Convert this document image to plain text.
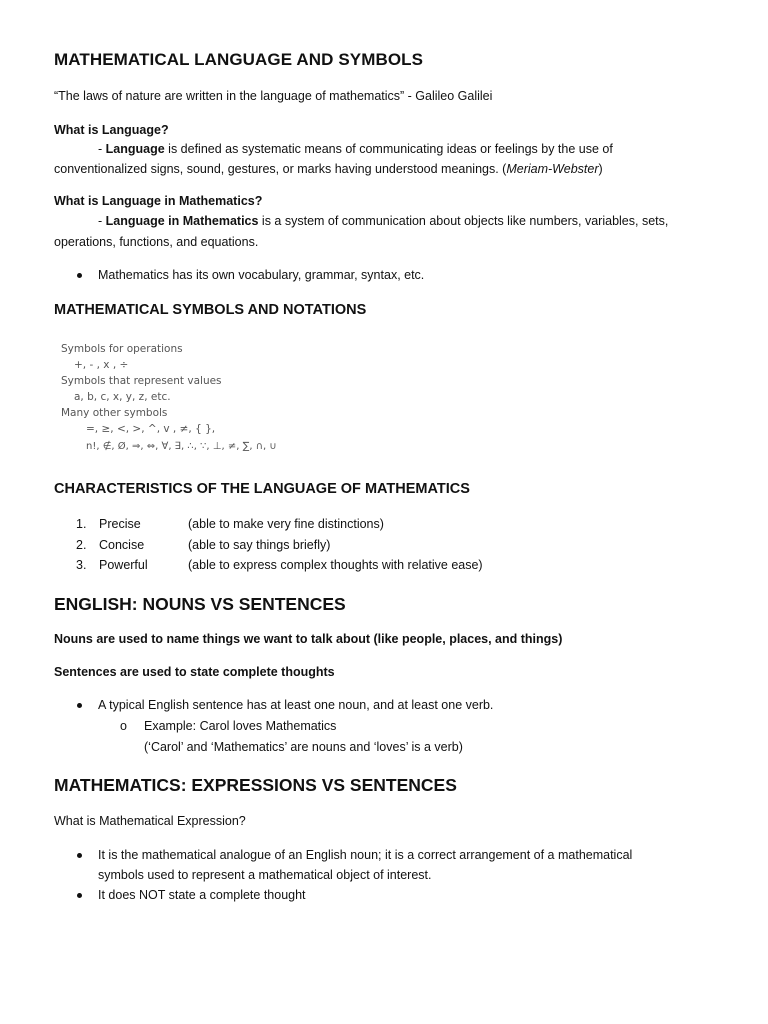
MATHEMATICAL LANGUAGE AND SYMBOLS
“The laws of nature are written in the language of mathematics” - Galileo Galilei
What is Language?
- Language is defined as systematic means of communicating ideas or feelings by the use of
conventionalized signs, sound, gestures, or marks having understood meanings. (Meriam-Webster)
What is Language in Mathematics?
- Language in Mathematics is a system of communication about objects like numbers, variables, sets,
operations, functions, and equations.
Mathematics has its own vocabulary, grammar, syntax, etc.
MATHEMATICAL SYMBOLS AND NOTATIONS
Symbols for operations
+, - , x , ÷
Symbols that represent values
a, b, c, x, y, z, etc.
Many other symbols
=, ≥, <, >, ^, v , ≠, { },
n!, ∉, Ø, ⇒, ⇔, ∀, ∃, ∴, ∵, ⊥, ≠, ∑, ∩, ∪
CHARACTERISTICS OF THE LANGUAGE OF MATHEMATICS
1. Precise	(able to make very fine distinctions)
2. Concise	(able to say things briefly)
3. Powerful	(able to express complex thoughts with relative ease)
ENGLISH: NOUNS VS SENTENCES
Nouns are used to name things we want to talk about (like people, places, and things)
Sentences are used to state complete thoughts
A typical English sentence has at least one noun, and at least one verb.
o Example: Carol loves Mathematics
(‘Carol’ and ‘Mathematics’ are nouns and ‘loves’ is a verb)
MATHEMATICS: EXPRESSIONS VS SENTENCES
What is Mathematical Expression?
It is the mathematical analogue of an English noun; it is a correct arrangement of a mathematical
symbols used to represent a mathematical object of interest.
It does NOT state a complete thought
